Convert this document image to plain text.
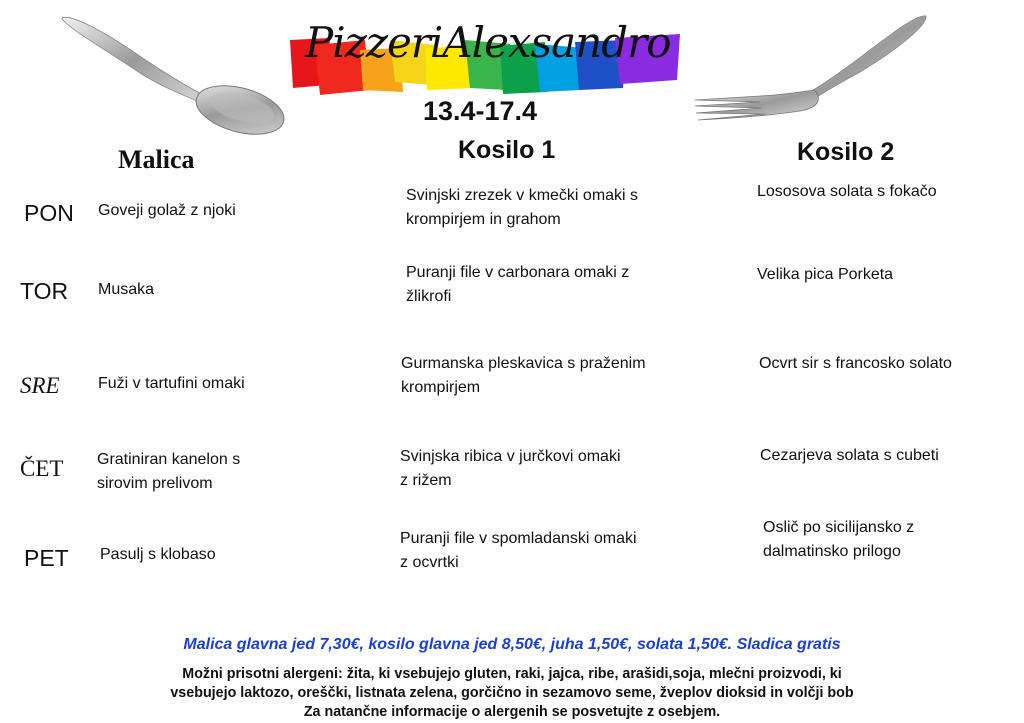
PizzeriAlexsandro
13.4-17.4
Malica	Kosilo 1	Kosilo 2
PON Goveji golaž z njoki
Svinjski zrezek v kmečki omaki s
krompirjem in grahom
Lososova solata s fokačo
TOR Musaka
Puranji file v carbonara omaki z
žlikrofi
Velika pica Porketa
SRE Fuži v tartufini omaki
Gurmanska pleskavica s praženim
krompirjem
Ocvrt sir s francosko solato
ČET Gratiniran kanelon s
sirovim prelivom
Svinjska ribica v jurčkovi omaki
z rižem
Cezarjeva solata s cubeti
PET Pasulj s klobaso
Puranji file v spomladanski omaki
z ocvrtki
Oslič po sicilijansko z
dalmatinsko prilogo
Malica glavna jed 7,30€, kosilo glavna jed 8,50€, juha 1,50€, solata 1,50€. Sladica gratis
Možni prisotni alergeni: žita, ki vsebujejo gluten, raki, jajca, ribe, arašidi,soja, mlečni proizvodi, ki
vsebujejo laktozo, oreščki, listnata zelena, gorčično in sezamovo seme, žveplov dioksid in volčji bob
Za natančne informacije o alergenih se posvetujte z osebjem.
